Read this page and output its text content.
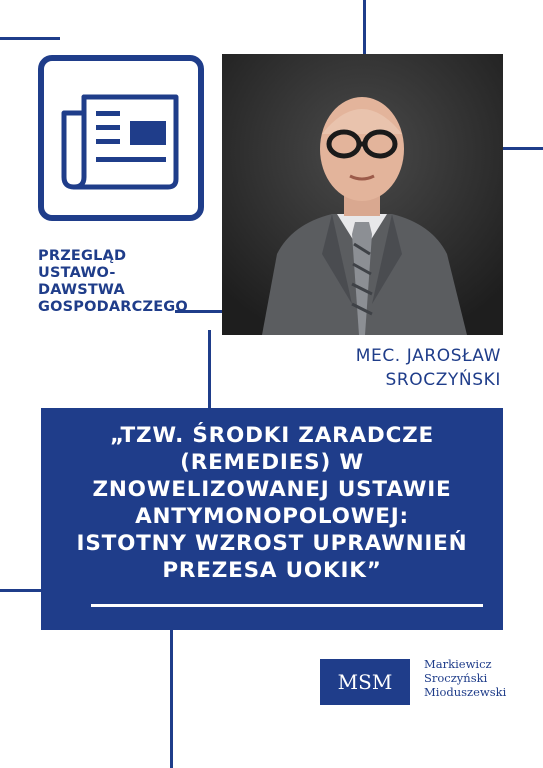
PRZEGLĄD
USTAWO-
DAWSTWA
GOSPODARCZEGO
MEC. JAROSŁAW
SROCZYŃSKI
„TZW. ŚRODKI ZARADCZE
(REMEDIES) W
ZNOWELIZOWANEJ USTAWIE
ANTYMONOPOLOWEJ:
ISTOTNY WZROST UPRAWNIEŃ
PREZESA UOKIK”
MSM
Markiewicz
Sroczyński
Mioduszewski
